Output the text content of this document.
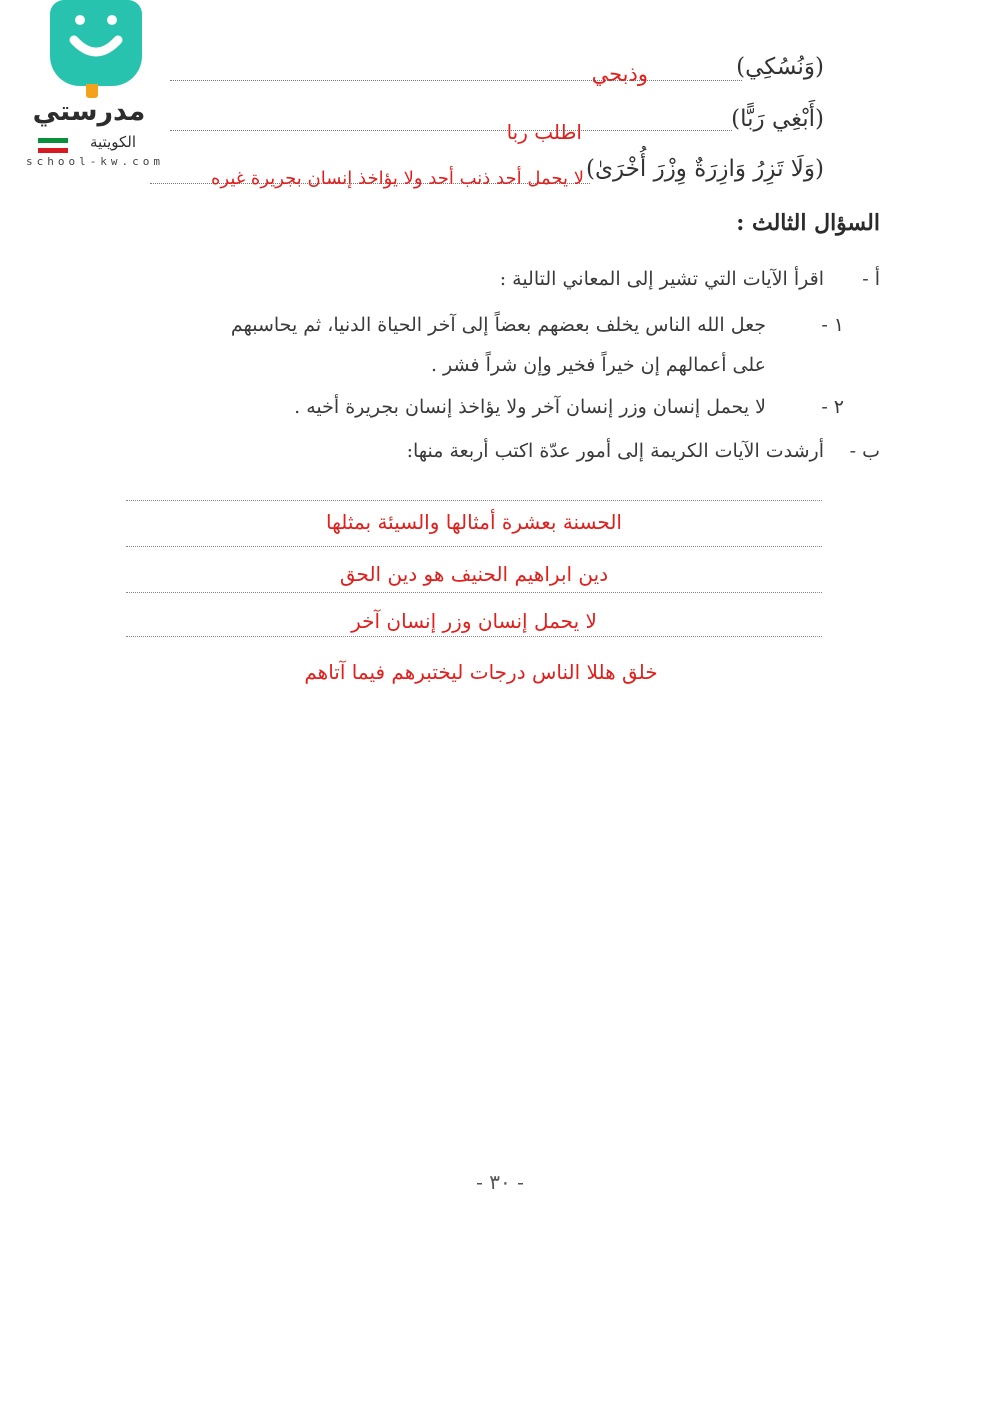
مدرستي
الكويتية
school-kw.com
(وَنُسُكِي)
وذبحي
(أَبْغِي رَبًّا)
اطلب ربا
(وَلَا تَزِرُ وَازِرَةٌ وِزْرَ أُخْرَىٰ)
لا يحمل أحد ذنب أحد ولا يؤاخذ إنسان بجريرة غيره
السؤال الثالث :
أ -
اقرأ الآيات التي تشير إلى المعاني التالية :
١ -
جعل الله الناس يخلف بعضهم بعضاً إلى آخر الحياة الدنيا، ثم يحاسبهم
على أعمالهم إن خيراً فخير وإن شراً فشر .
٢ -
لا يحمل إنسان وزر إنسان آخر ولا يؤاخذ إنسان بجريرة أخيه .
ب -
أرشدت الآيات الكريمة إلى أمور عدّة اكتب أربعة منها:
الحسنة بعشرة أمثالها والسيئة بمثلها
دين ابراهيم الحنيف هو دين الحق
لا يحمل إنسان وزر إنسان آخر
خلق هللا الناس درجات ليختبرهم فيما آتاهم
- ٣٠ -
